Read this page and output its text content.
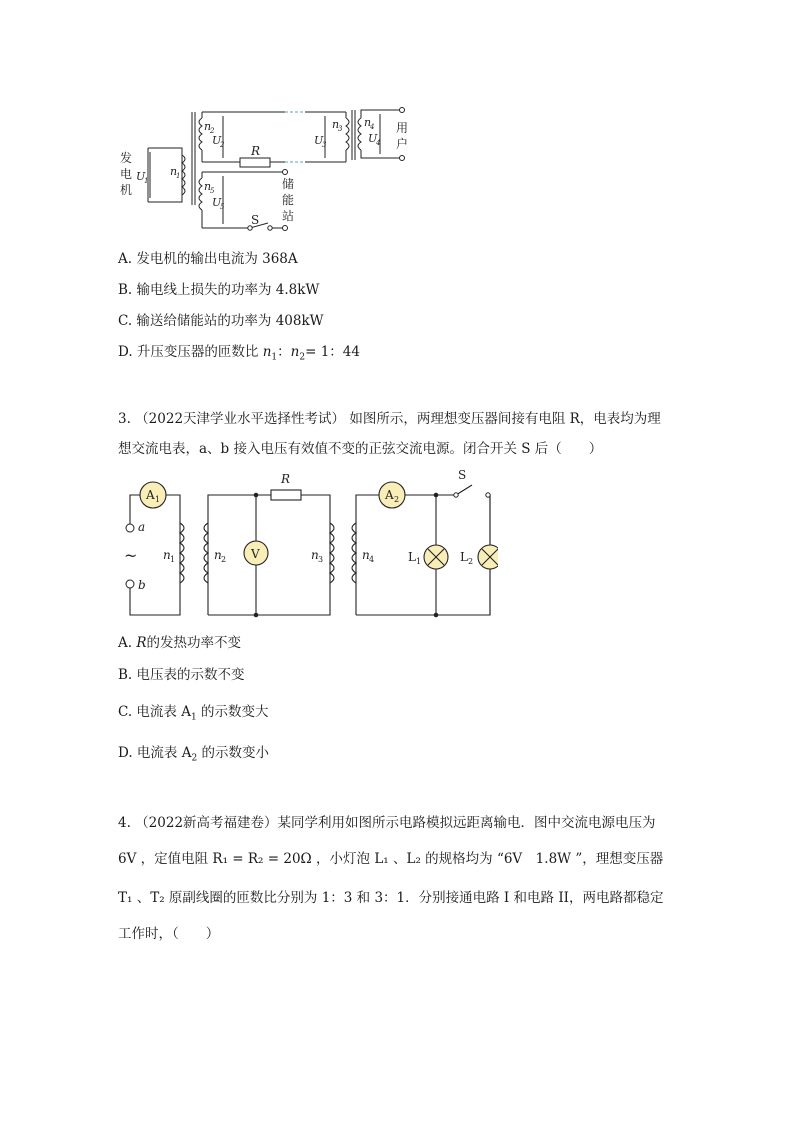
发
电
机
用
户
储
能
站
R
S
U
1
U
2	U
3	U
4
U
5
n
1
n
2	n
3 n
4
n
5
A. 发电机的输出电流为 368A
B. 输电线上损失的功率为 4.8kW
C. 输送给储能站的功率为 408kW
D. 升压变压器的匝数比 $n_1$：$n_2= 1$：44
3. （2022天津学业水平选择性考试） 如图所示，两理想变压器间接有电阻 R，电表均为理
想交流电表，a、b 接入电压有效值不变的正弦交流电源。闭合开关 S 后（　　）
A 1	A 2
V
R	S
a
b
~ n 1	n 2	n 3	n 4	L 1	L 2
A. R的发热功率不变
B. 电压表的示数不变
C. 电流表 $A_1$ 的示数变大
D. 电流表 $A_2$ 的示数变小
4. （2022新高考福建卷）某同学利用如图所示电路模拟远距离输电．图中交流电源电压为
6V ，定值电阻 R₁ = R₂ = 20Ω ，小灯泡 L₁ 、L₂ 的规格均为 “6V　1.8W ”，理想变压器
T₁ 、T₂ 原副线圈的匝数比分别为 1：3 和 3：1．分别接通电路 I 和电路 II，两电路都稳定
工作时，（　　）
